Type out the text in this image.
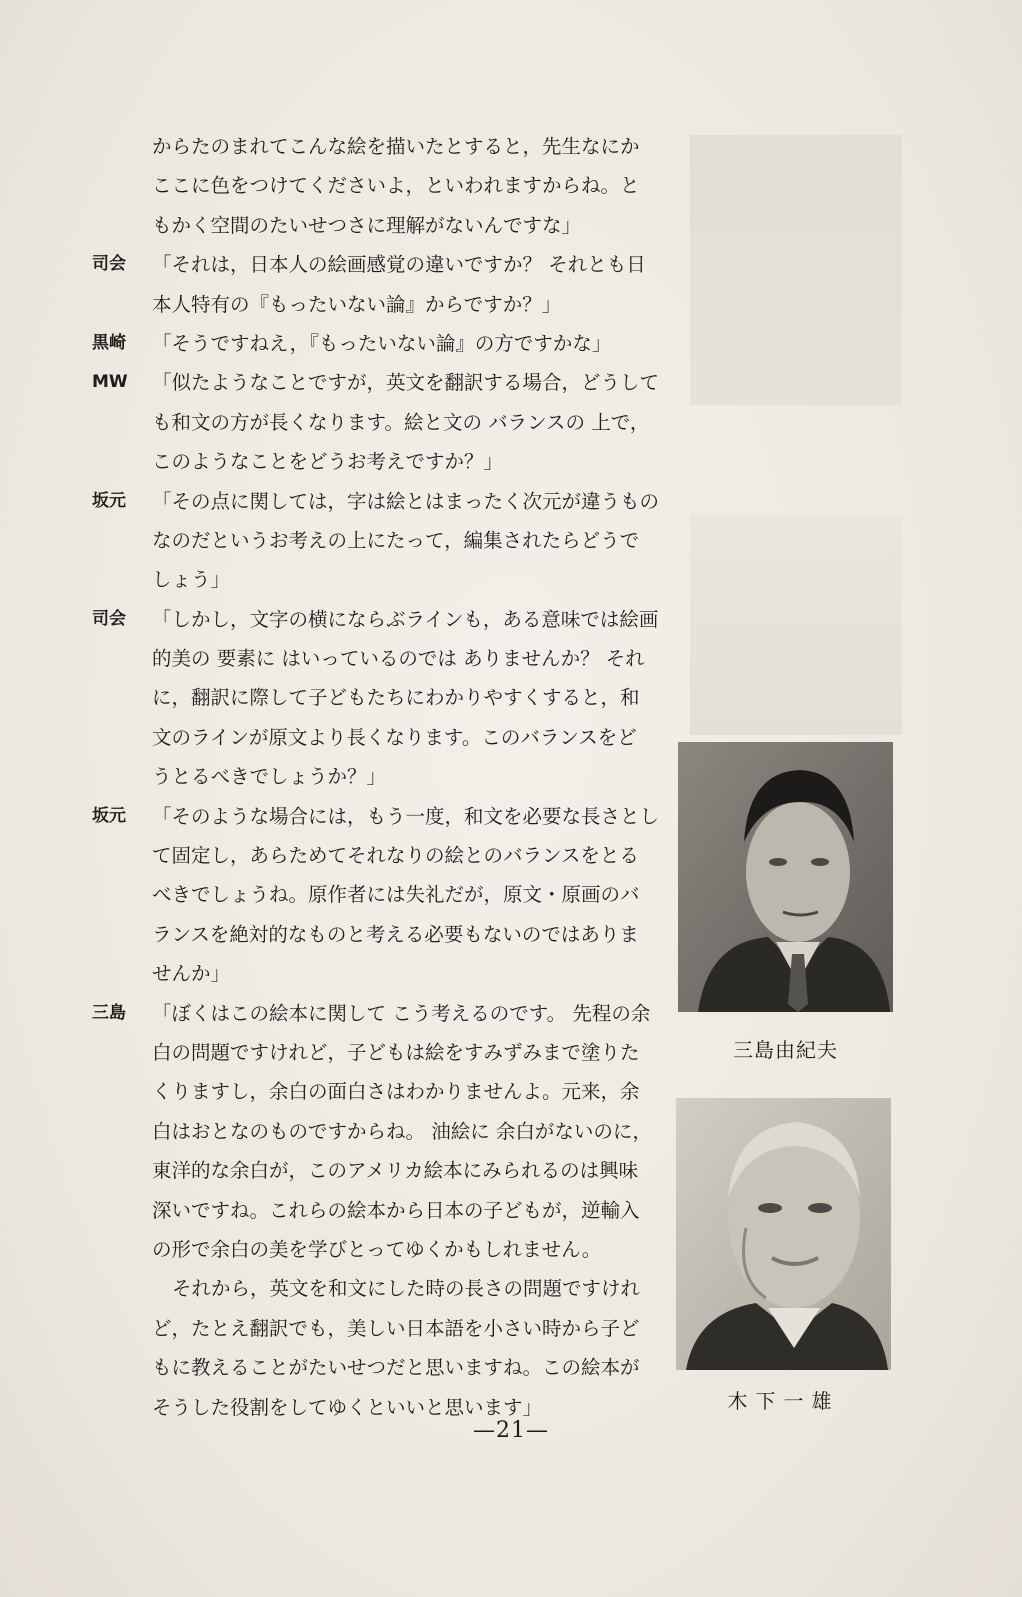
からたのまれてこんな絵を描いたとすると，先生なにか
ここに色をつけてくださいよ，といわれますからね。と
もかく空間のたいせつさに理解がないんですな」
司会 「それは，日本人の絵画感覚の違いですか？ それとも日
本人特有の『もったいない論』からですか？」
黒崎 「そうですねえ，『もったいない論』の方ですかな」
MW 「似たようなことですが，英文を翻訳する場合，どうして
も和文の方が長くなります。絵と文の バランスの 上で，
このようなことをどうお考えですか？」
坂元 「その点に関しては，字は絵とはまったく次元が違うもの
なのだというお考えの上にたって，編集されたらどうで
しょう」
司会 「しかし，文字の横にならぶラインも，ある意味では絵画
的美の 要素に はいっているのでは ありませんか？ それ
に，翻訳に際して子どもたちにわかりやすくすると，和
文のラインが原文より長くなります。このバランスをど
うとるべきでしょうか？」
坂元 「そのような場合には，もう一度，和文を必要な長さとし
て固定し，あらためてそれなりの絵とのバランスをとる
べきでしょうね。原作者には失礼だが，原文・原画のバ
ランスを絶対的なものと考える必要もないのではありま
せんか」
三島 「ぼくはこの絵本に関して こう考えるのです。 先程の余
白の問題ですけれど，子どもは絵をすみずみまで塗りた
くりますし，余白の面白さはわかりませんよ。元来，余
白はおとなのものですからね。 油絵に 余白がないのに，
東洋的な余白が，このアメリカ絵本にみられるのは興味
深いですね。これらの絵本から日本の子どもが，逆輸入
の形で余白の美を学びとってゆくかもしれません。
それから，英文を和文にした時の長さの問題ですけれ
ど，たとえ翻訳でも，美しい日本語を小さい時から子ど
もに教えることがたいせつだと思いますね。この絵本が
そうした役割をしてゆくといいと思います」
三島由紀夫
木下一雄
—21—
